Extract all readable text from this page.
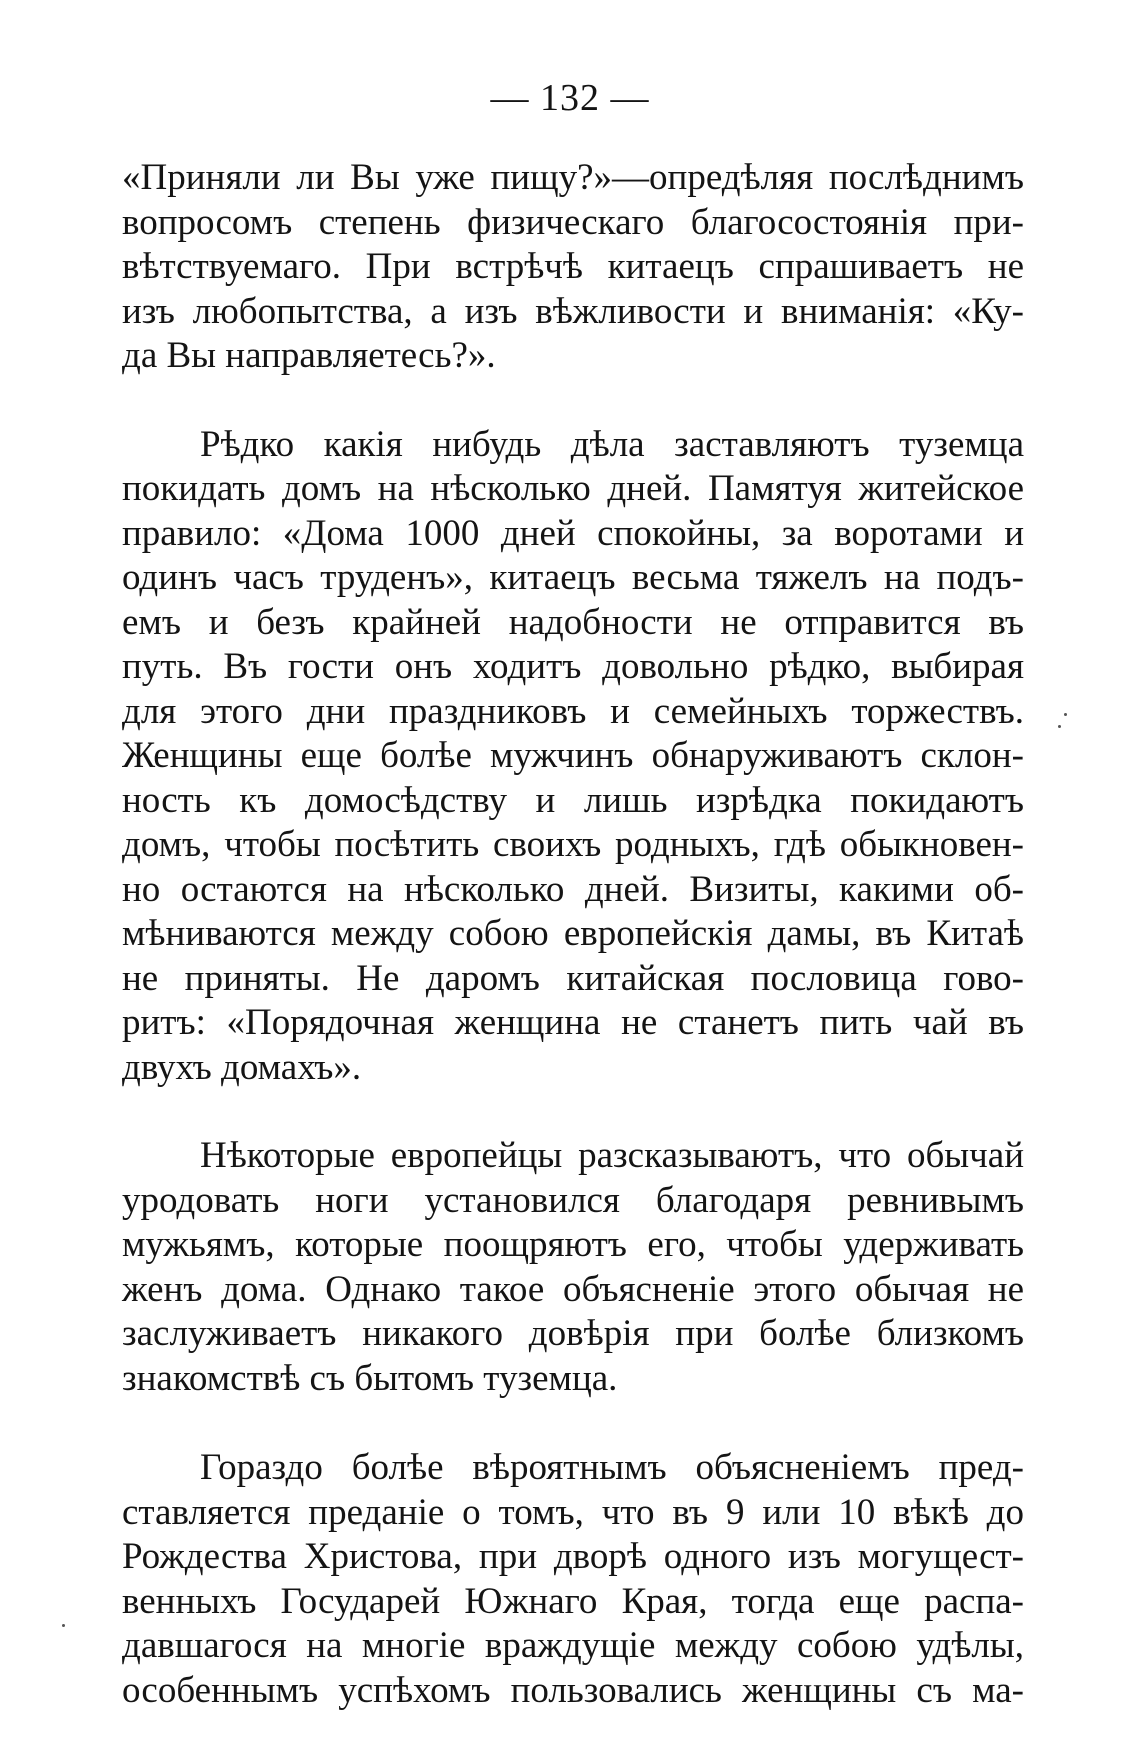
— 132 —
«Приняли ли Вы уже пищу?»—опредѣляя послѣднимъ
вопросомъ степень физическаго благосостоянія при-
вѣтствуемаго. При встрѣчѣ китаецъ спрашиваетъ не
изъ любопытства, а изъ вѣжливости и вниманія: «Ку-
да Вы направляетесь?».
Рѣдко какія нибудь дѣла заставляютъ туземца
покидать домъ на нѣсколько дней. Памятуя житейское
правило: «Дома 1000 дней спокойны, за воротами и
одинъ часъ труденъ», китаецъ весьма тяжелъ на подъ-
емъ и безъ крайней надобности не отправится въ
путь. Въ гости онъ ходитъ довольно рѣдко, выбирая
для этого дни праздниковъ и семейныхъ торжествъ.
Женщины еще болѣе мужчинъ обнаруживаютъ склон-
ность къ домосѣдству и лишь изрѣдка покидаютъ
домъ, чтобы посѣтить своихъ родныхъ, гдѣ обыкновен-
но остаются на нѣсколько дней. Визиты, какими об-
мѣниваются между собою европейскія дамы, въ Китаѣ
не приняты. Не даромъ китайская пословица гово-
ритъ: «Порядочная женщина не станетъ пить чай въ
двухъ домахъ».
Нѣкоторые европейцы разсказываютъ, что обычай
уродовать ноги установился благодаря ревнивымъ
мужьямъ, которые поощряютъ его, чтобы удерживать
женъ дома. Однако такое объясненіе этого обычая не
заслуживаетъ никакого довѣрія при болѣе близкомъ
знакомствѣ съ бытомъ туземца.
Гораздо болѣе вѣроятнымъ объясненіемъ пред-
ставляется преданіе о томъ, что въ 9 или 10 вѣкѣ до
Рождества Христова, при дворѣ одного изъ могущест-
венныхъ Государей Южнаго Края, тогда еще распа-
давшагося на многіе враждущіе между собою удѣлы,
особеннымъ успѣхомъ пользовались женщины съ ма-
